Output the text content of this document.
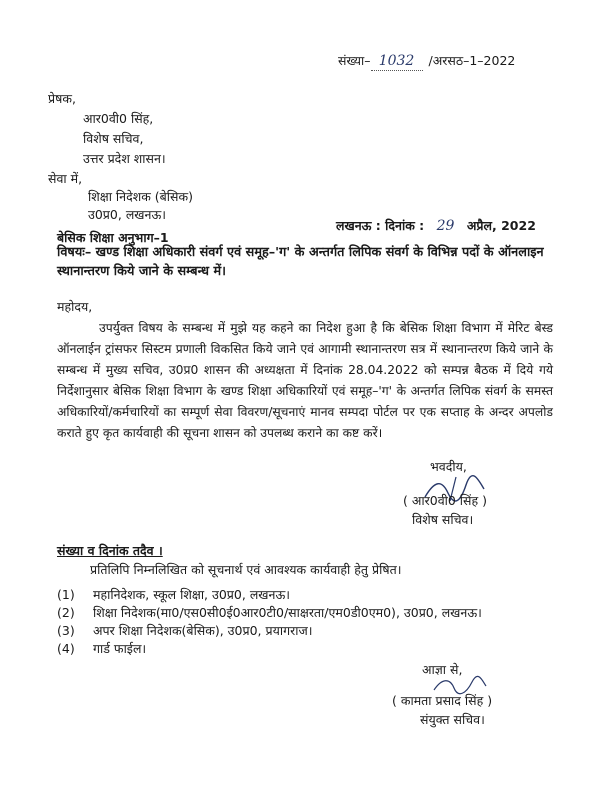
संख्या– 1032 /अरसठ–1–2022
प्रेषक,
आर0वी0 सिंह,
विशेष सचिव,
उत्तर प्रदेश शासन।
सेवा में,
शिक्षा निदेशक (बेसिक)
उ0प्र0, लखनऊ।
बेसिक शिक्षा अनुभाग–1
लखनऊ : दिनांक : 29 अप्रैल, 2022
विषयः– खण्ड शिक्षा अधिकारी संवर्ग एवं समूह–'ग' के अन्तर्गत लिपिक संवर्ग के विभिन्न पदों के ऑनलाइन स्थानान्तरण किये जाने के सम्बन्ध में।
महोदय,
उपर्युक्त विषय के सम्बन्ध में मुझे यह कहने का निदेश हुआ है कि बेसिक शिक्षा विभाग में मेरिट बेस्ड ऑनलाईन ट्रांसफर सिस्टम प्रणाली विकसित किये जाने एवं आगामी स्थानान्तरण सत्र में स्थानान्तरण किये जाने के सम्बन्ध में मुख्य सचिव, उ0प्र0 शासन की अध्यक्षता में दिनांक 28.04.2022 को सम्पन्न बैठक में दिये गये निर्देशानुसार बेसिक शिक्षा विभाग के खण्ड शिक्षा अधिकारियों एवं समूह–'ग' के अन्तर्गत लिपिक संवर्ग के समस्त अधिकारियों/कर्मचारियों का सम्पूर्ण सेवा विवरण/सूचनाएं मानव सम्पदा पोर्टल पर एक सप्ताह के अन्दर अपलोड कराते हुए कृत कार्यवाही की सूचना शासन को उपलब्ध कराने का कष्ट करें।
भवदीय,
( आर0वी0 सिंह )
विशेष सचिव।
संख्या व दिनांक तदैव ।
प्रतिलिपि निम्नलिखित को सूचनार्थ एवं आवश्यक कार्यवाही हेतु प्रेषित।
(1) महानिदेशक, स्कूल शिक्षा, उ0प्र0, लखनऊ।
(2) शिक्षा निदेशक(मा0/एस0सी0ई0आर0टी0/साक्षरता/एम0डी0एम0), उ0प्र0, लखनऊ।
(3) अपर शिक्षा निदेशक(बेसिक), उ0प्र0, प्रयागराज।
(4) गार्ड फाईल।
आज्ञा से,
( कामता प्रसाद सिंह )
संयुक्त सचिव।
